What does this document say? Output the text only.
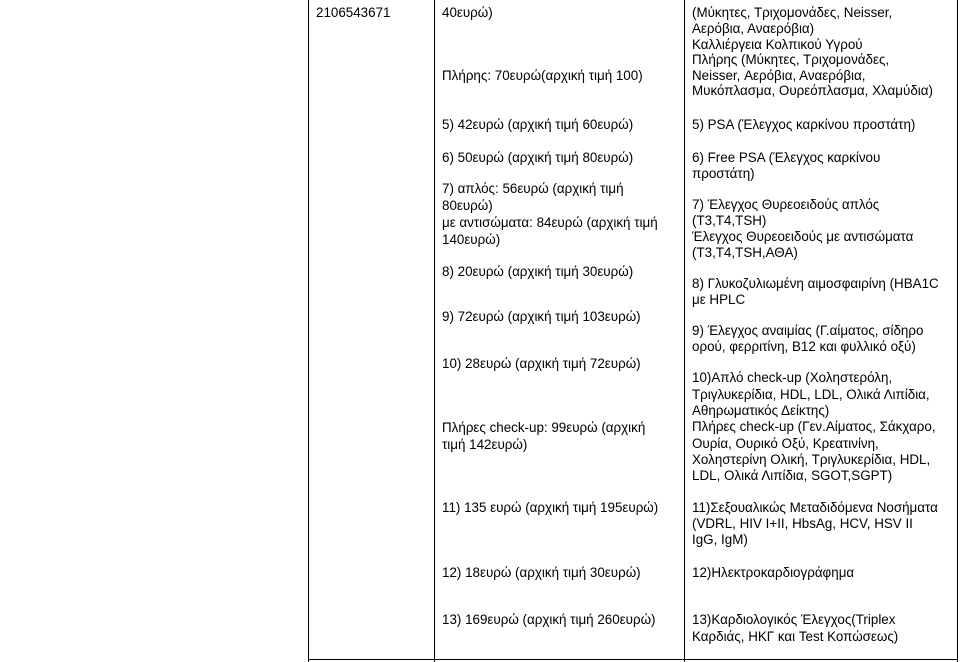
2106543671	40ευρώ)
Πλήρης: 70ευρώ(αρχική τιμή 100)
5) 42ευρώ (αρχική τιμή 60ευρώ)
6) 50ευρώ (αρχική τιμή 80ευρώ)
7) απλός: 56ευρώ (αρχική τιμή
80ευρώ)
με αντισώματα: 84ευρώ (αρχική τιμή
140ευρώ)
8) 20ευρώ (αρχική τιμή 30ευρώ)
9) 72ευρώ (αρχική τιμή 103ευρώ)
10) 28ευρώ (αρχική τιμή 72ευρώ)
Πλήρες check-up: 99ευρώ (αρχική
τιμή 142ευρώ)
11) 135 ευρώ (αρχική τιμή 195ευρώ)
12) 18ευρώ (αρχική τιμή 30ευρώ)
13) 169ευρώ (αρχική τιμή 260ευρώ)
(Μύκητες, Τριχομονάδες, Neisser,
Αερόβια, Αναερόβια)
Καλλιέργεια Κολπικού Υγρού
Πλήρης (Μύκητες, Τριχομονάδες,
Neisser, Αερόβια, Αναερόβια,
Μυκόπλασμα, Ουρεόπλασμα, Χλαμύδια)
5) PSA (Έλεγχος καρκίνου προστάτη)
6) Free PSA (Έλεγχος καρκίνου
προστάτη)
7) Έλεγχος Θυρεοειδούς απλός
(Τ3,Τ4,TSH)
Έλεγχος Θυρεοειδούς με αντισώματα
(Τ3,Τ4,TSH,ΑΘΑ)
8) Γλυκοζυλιωμένη αιμοσφαιρίνη (HBA1C
με HPLC
9) Έλεγχος αναιμίας (Γ.αίματος, σίδηρο
ορού, φερριτίνη, Β12 και φυλλικό οξύ)
10)Απλό check-up (Χοληστερόλη,
Τριγλυκερίδια, HDL, LDL, Ολικά Λιπίδια,
Αθηρωματικός Δείκτης)
Πλήρες check-up (Γεν.Αίματος, Σάκχαρο,
Ουρία, Ουρικό Οξύ, Κρεατινίνη,
Χοληστερίνη Ολική, Τριγλυκερίδια, HDL,
LDL, Ολικά Λιπίδια, SGOT,SGPT)
11)Σεξουαλικώς Μεταδιδόμενα Νοσήματα
(VDRL, HIV I+II, HbsAg, HCV, HSV II
IgG, IgM)
12)Ηλεκτροκαρδιογράφημα
13)Καρδιολογικός Έλεγχος(Triplex
Καρδιάς, ΗΚΓ και Test Κοπώσεως)
